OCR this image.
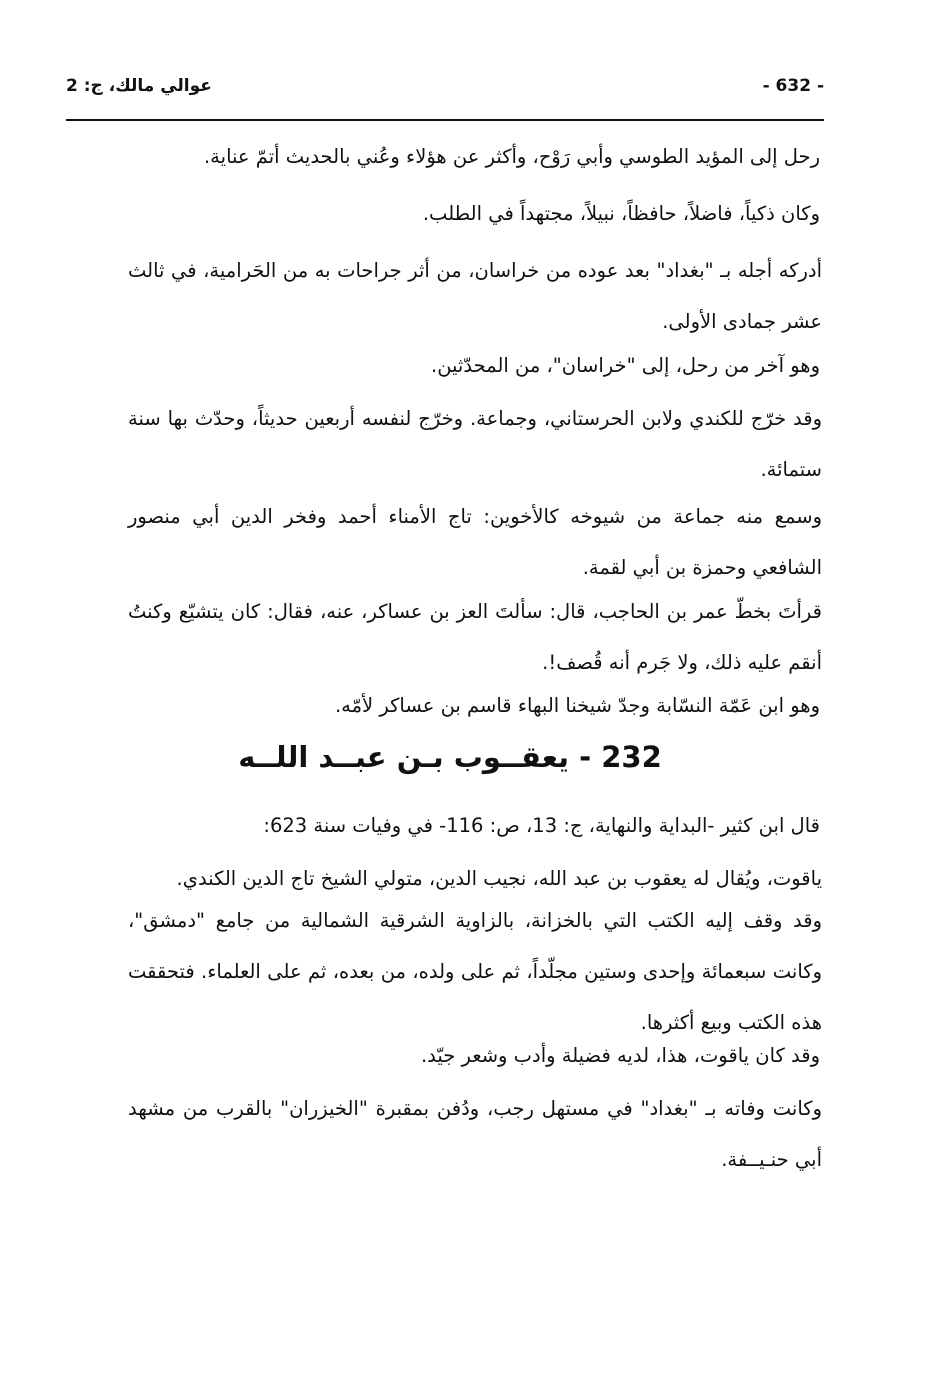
عوالي مالك، ج: 2	- 632 -

رحل إلى المؤيد الطوسي وأبي رَوْح، وأكثر عن هؤلاء وعُني بالحديث أتمّ عناية.

وكان ذكياً، فاضلاً، حافظاً، نبيلاً، مجتهداً في الطلب.

أدركه أجله بـ "بغداد" بعد عوده من خراسان، من أثر جراحات به من الحَرامية، في ثالث عشر جمادى الأولى.

وهو آخر من رحل، إلى "خراسان"، من المحدّثين.

وقد خرّج للكندي ولابن الحرستاني، وجماعة. وخرّج لنفسه أربعين حديثاً، وحدّث بها سنة ستمائة.

وسمع منه جماعة من شيوخه كالأخوين: تاج الأمناء أحمد وفخر الدين أبي منصور الشافعي وحمزة بن أبي لقمة.

قرأتَ بخطّ عمر بن الحاجب، قال: سألتَ العز بن عساكر، عنه، فقال: كان يتشيّع وكنتُ أنقم عليه ذلك، ولا جَرم أنه قُصف!.

وهو ابن عَمّة النسّابة وجدّ شيخنا البهاء قاسم بن عساكر لأمّه.

232 - يعقــوب بـن عبــد اللــه

قال ابن كثير -البداية والنهاية، ج: 13، ص: 116- في وفيات سنة 623:

ياقوت، ويُقال له يعقوب بن عبد الله، نجيب الدين، متولي الشيخ تاج الدين الكندي.

وقد وقف إليه الكتب التي بالخزانة، بالزاوية الشرقية الشمالية من جامع "دمشق"، وكانت سبعمائة وإحدى وستين مجلّداً، ثم على ولده، من بعده، ثم على العلماء. فتحققت هذه الكتب وبيع أكثرها.

وقد كان ياقوت، هذا، لديه فضيلة وأدب وشعر جيّد.

وكانت وفاته بـ "بغداد" في مستهل رجب، ودُفن بمقبرة "الخيزران" بالقرب من مشهد أبي حنـيــفة.
